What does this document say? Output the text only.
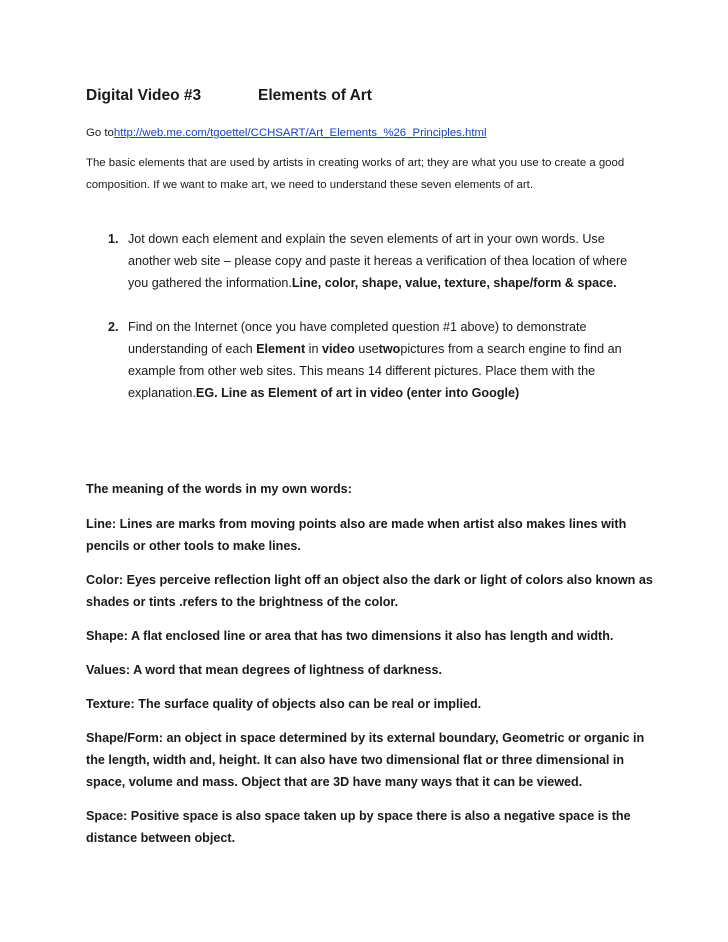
Digital Video #3	Elements of Art
Go tohttp://web.me.com/tgoettel/CCHSART/Art_Elements_%26_Principles.html
The basic elements that are used by artists in creating works of art; they are what you use to create a good composition. If we want to make art, we need to understand these seven elements of art.
1. Jot down each element and explain the seven elements of art in your own words. Use another web site – please copy and paste it hereas a verification of thea location of where you gathered the information.Line, color, shape, value, texture, shape/form & space.
2. Find on the Internet (once you have completed question #1 above) to demonstrate understanding of each Element in video usetwopictures from a search engine to find an example from other web sites. This means 14 different pictures. Place them with the explanation.EG. Line as Element of art in video (enter into Google)

The meaning of the words in my own words:

Line: Lines are marks from moving points also are made when artist also makes lines with pencils or other tools to make lines.

Color: Eyes perceive reflection light off an object also the dark or light of colors also known as shades or tints .refers to the brightness of the color.

Shape: A flat enclosed line or area that has two dimensions it also has length and width.

Values: A word that mean degrees of lightness of darkness.

Texture: The surface quality of objects also can be real or implied.

Shape/Form: an object in space determined by its external boundary, Geometric or organic in the length, width and, height. It can also have two dimensional flat or three dimensional in space, volume and mass. Object that are 3D have many ways that it can be viewed.

Space: Positive space is also space taken up by space there is also a negative space is the distance between object.
